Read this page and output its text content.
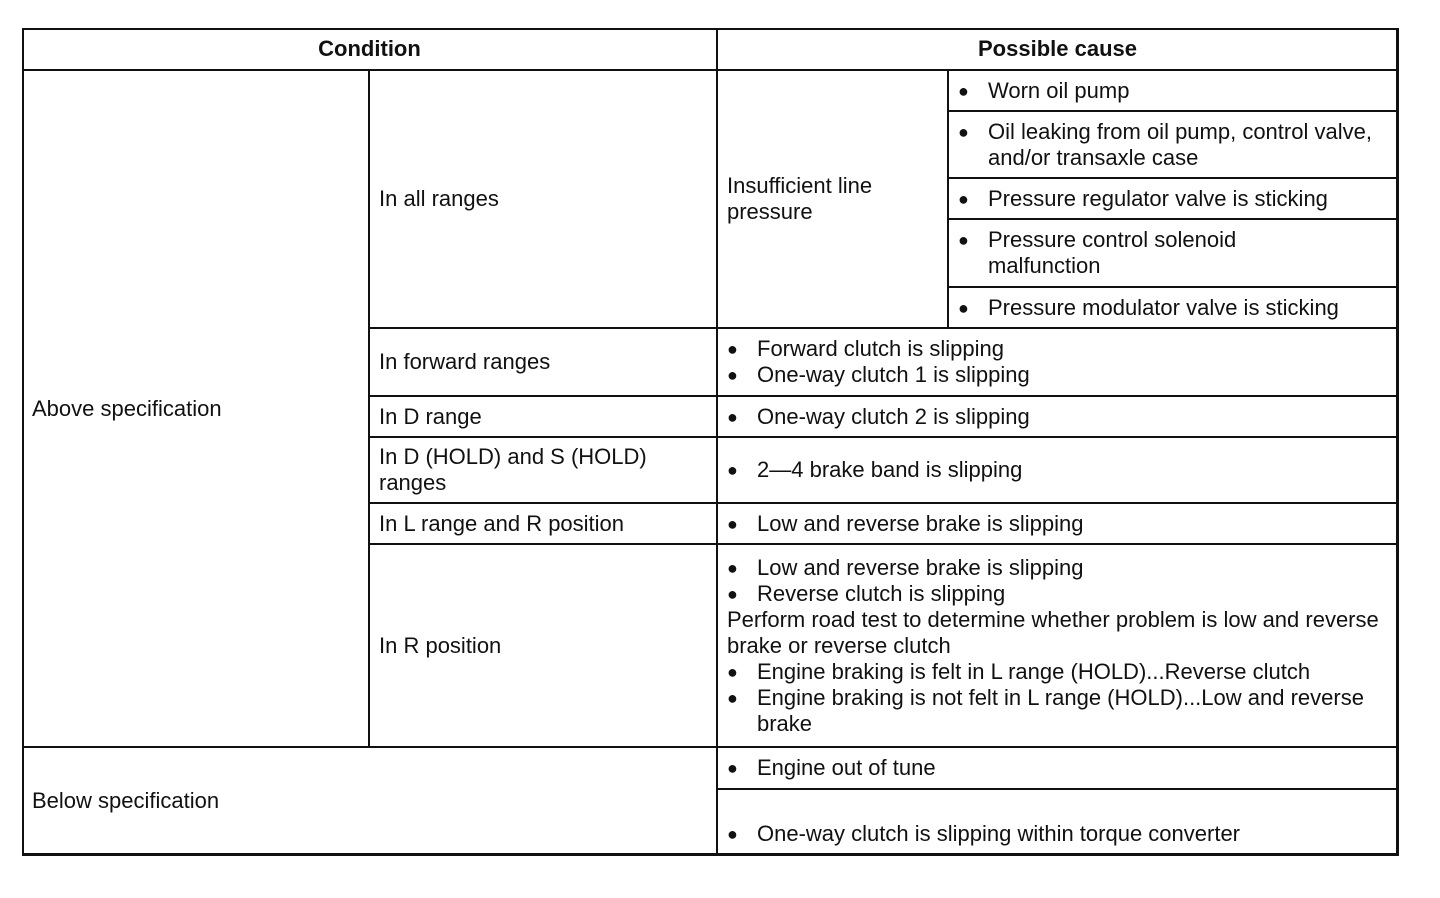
Condition	Possible cause
Above specification
Below specification
In all ranges
In forward ranges
In D range
In D (HOLD) and S (HOLD) ranges
In L range and R position
In R position
Insufficient line pressure
● Worn oil pump
● Oil leaking from oil pump, control valve, and/or transaxle case
● Pressure regulator valve is sticking
● Pressure control solenoid malfunction
● Pressure modulator valve is sticking
● Forward clutch is slipping
● One-way clutch 1 is slipping
● One-way clutch 2 is slipping
● 2—4 brake band is slipping
● Low and reverse brake is slipping
● Low and reverse brake is slipping
● Reverse clutch is slipping
Perform road test to determine whether problem is low and reverse brake or reverse clutch
● Engine braking is felt in L range (HOLD)...Reverse clutch
● Engine braking is not felt in L range (HOLD)...Low and reverse brake
● Engine out of tune
● One-way clutch is slipping within torque converter
